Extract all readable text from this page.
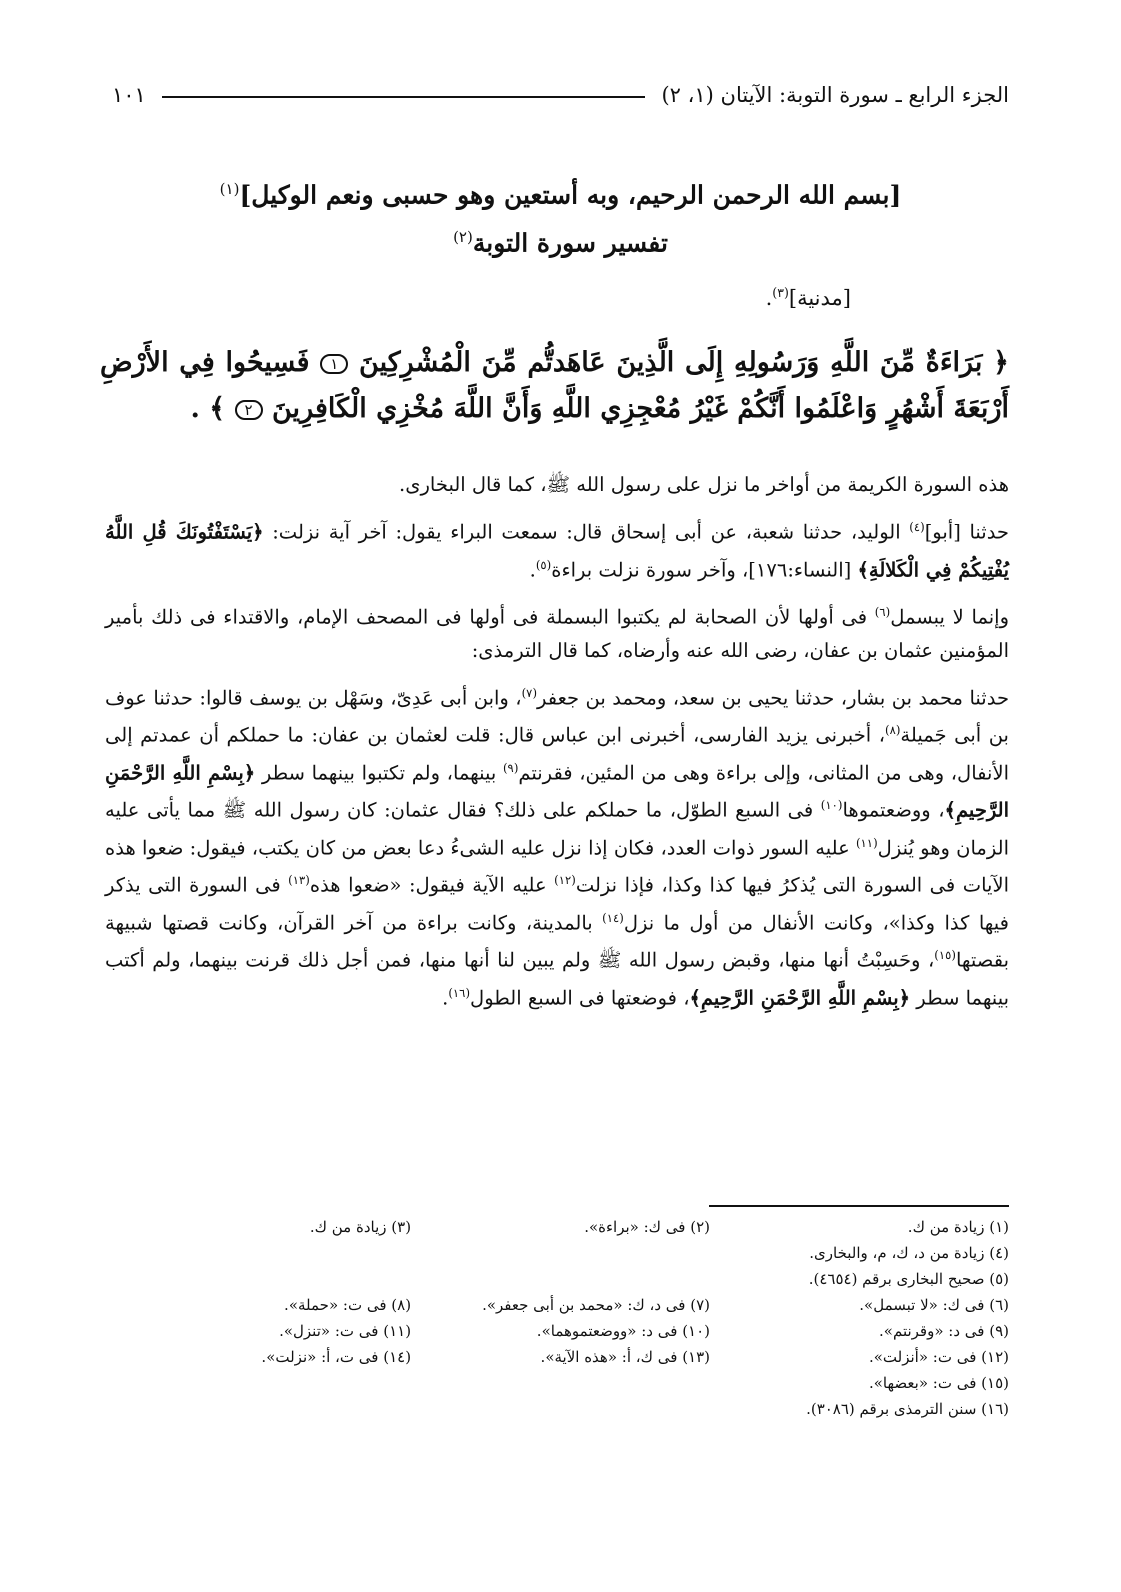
الجزء الرابع ـ سورة التوبة: الآيتان (١، ٢)
١٠١
[بسم الله الرحمن الرحيم، وبه أستعين وهو حسبى ونعم الوكيل]$^{(١)}$
تفسير سورة التوبة$^{(٢)}$
[مدنية]$^{(٣)}$.
﴿ بَرَاءَةٌ مِّنَ اللَّهِ وَرَسُولِهِ إِلَى الَّذِينَ عَاهَدتُّم مِّنَ الْمُشْرِكِينَ ١ فَسِيحُوا فِي الأَرْضِ أَرْبَعَةَ أَشْهُرٍ وَاعْلَمُوا أَنَّكُمْ غَيْرُ مُعْجِزِي اللَّهِ وَأَنَّ اللَّهَ مُخْزِي الْكَافِرِينَ ٢ ﴾ .

هذه السورة الكريمة من أواخر ما نزل على رسول الله ﷺ، كما قال البخارى.

حدثنا [أبو]$^{(٤)}$ الوليد، حدثنا شعبة، عن أبى إسحاق قال: سمعت البراء يقول: آخر آية نزلت: ﴿يَسْتَفْتُونَكَ قُلِ اللَّهُ يُفْتِيكُمْ فِي الْكَلالَةِ﴾ [النساء:١٧٦]، وآخر سورة نزلت براءة$^{(٥)}$.

وإنما لا يبسمل$^{(٦)}$ فى أولها لأن الصحابة لم يكتبوا البسملة فى أولها فى المصحف الإمام، والاقتداء فى ذلك بأمير المؤمنين عثمان بن عفان، رضى الله عنه وأرضاه، كما قال الترمذى:

حدثنا محمد بن بشار، حدثنا يحيى بن سعد، ومحمد بن جعفر$^{(٧)}$، وابن أبى عَدِىّ، وسَهْل بن يوسف قالوا: حدثنا عوف بن أبى جَميلة$^{(٨)}$، أخبرنى يزيد الفارسى، أخبرنى ابن عباس قال: قلت لعثمان بن عفان: ما حملكم أن عمدتم إلى الأنفال، وهى من المثانى، وإلى براءة وهى من المئين، فقرنتم$^{(٩)}$ بينهما، ولم تكتبوا بينهما سطر ﴿بِسْمِ اللَّهِ الرَّحْمَنِ الرَّحِيمِ﴾، ووضعتموها$^{(١٠)}$ فى السبع الطوّل، ما حملكم على ذلك؟ فقال عثمان: كان رسول الله ﷺ مما يأتى عليه الزمان وهو يُنزل$^{(١١)}$ عليه السور ذوات العدد، فكان إذا نزل عليه الشىءُ دعا بعض من كان يكتب، فيقول: ضعوا هذه الآيات فى السورة التى يُذكرُ فيها كذا وكذا، فإذا نزلت$^{(١٢)}$ عليه الآية فيقول: «ضعوا هذه$^{(١٣)}$ فى السورة التى يذكر فيها كذا وكذا»، وكانت الأنفال من أول ما نزل$^{(١٤)}$ بالمدينة، وكانت براءة من آخر القرآن، وكانت قصتها شبيهة بقصتها$^{(١٥)}$، وحَسِبْتُ أنها منها، وقبض رسول الله ﷺ ولم يبين لنا أنها منها، فمن أجل ذلك قرنت بينهما، ولم أكتب بينهما سطر ﴿بِسْمِ اللَّهِ الرَّحْمَنِ الرَّحِيمِ﴾، فوضعتها فى السبع الطول$^{(١٦)}$.

(١) زيادة من ك.
(٢) فى ك: «براءة».
(٣) زيادة من ك.
(٤) زيادة من د، ك، م، والبخارى.
(٥) صحيح البخارى برقم (٤٦٥٤).
(٦) فى ك: «لا تبسمل».
(٧) فى د، ك: «محمد بن أبى جعفر».
(٨) فى ت: «حملة».
(٩) فى د: «وقرنتم».
(١٠) فى د: «ووضعتموهما».
(١١) فى ت: «تنزل».
(١٢) فى ت: «أنزلت».
(١٣) فى ك، أ: «هذه الآية».
(١٤) فى ت، أ: «نزلت».
(١٥) فى ت: «بعضها».
(١٦) سنن الترمذى برقم (٣٠٨٦).
